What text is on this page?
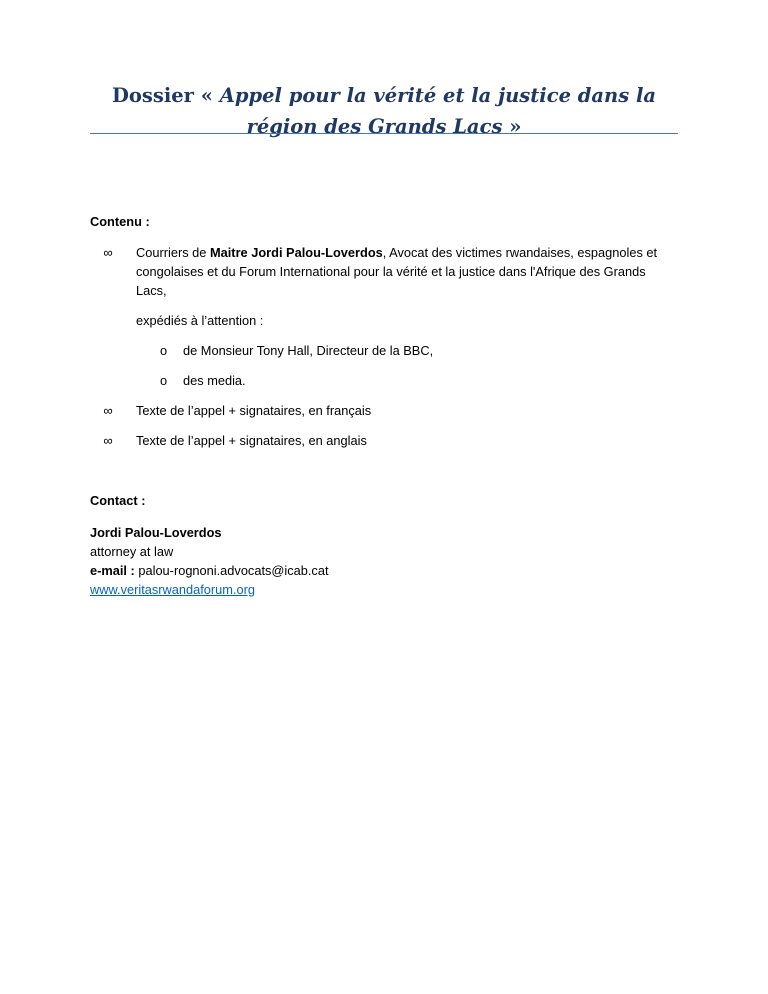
Dossier « Appel pour la vérité et la justice dans la région des Grands Lacs »
Contenu :
∞	Courriers de Maitre Jordi Palou-Loverdos, Avocat des victimes rwandaises, espagnoles et congolaises et du Forum International pour la vérité et la justice dans l'Afrique des Grands Lacs,
expédiés à l’attention :
o	de Monsieur Tony Hall, Directeur de la BBC,
o	des media.
∞	Texte de l’appel + signataires, en français
∞	Texte de l’appel + signataires, en anglais
Contact :
Jordi Palou-Loverdos
attorney at law
e-mail : palou-rognoni.advocats@icab.cat
www.veritasrwandaforum.org
